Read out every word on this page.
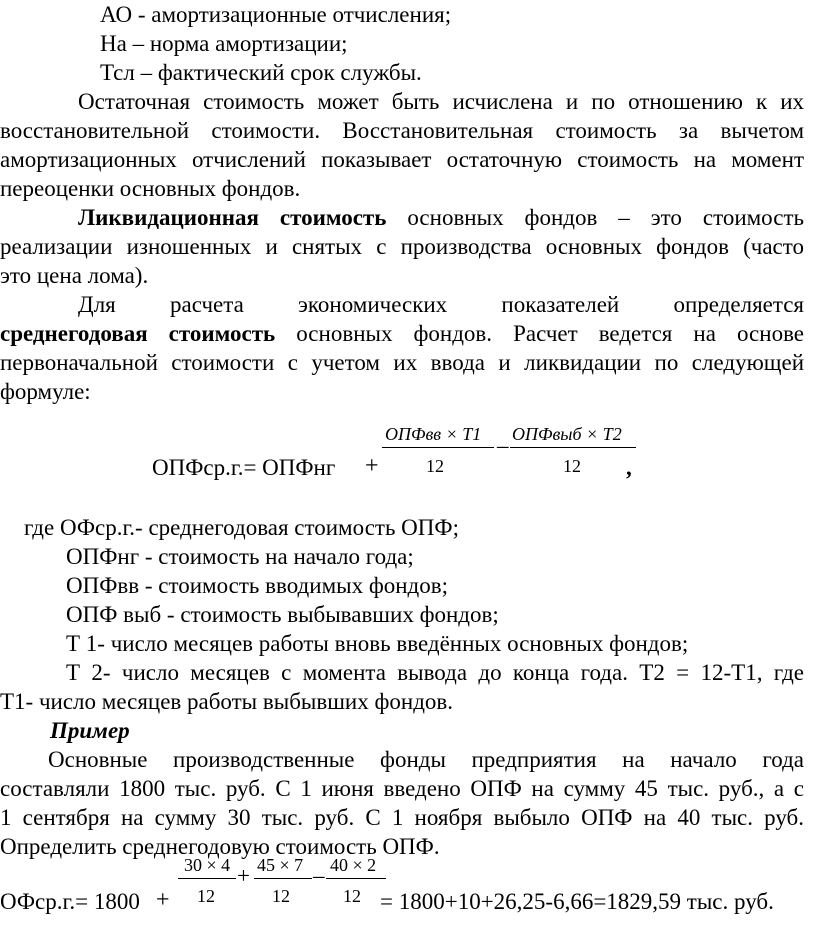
АО - амортизационные отчисления;
На – норма амортизации;
Тсл – фактический срок службы.
Остаточная стоимость может быть исчислена и по отношению к их
восстановительной стоимости. Восстановительная стоимость за вычетом
амортизационных отчислений показывает остаточную стоимость на момент
переоценки основных фондов.
Ликвидационная стоимость основных фондов – это стоимость
реализации изношенных и снятых с производства основных фондов (часто
это цена лома).
Для расчета экономических показателей определяется
среднегодовая стоимость основных фондов. Расчет ведется на основе
первоначальной стоимости с учетом их ввода и ликвидации по следующей
формуле:
ОПФср.г.= ОПФнг +
ОПФвв × Т1
12
– ОПФвыб × Т2
12 ,
где ОФср.г.- среднегодовая стоимость ОПФ;
ОПФнг - стоимость на начало года;
ОПФвв - стоимость вводимых фондов;
ОПФ выб - стоимость выбывавших фондов;
Т 1- число месяцев работы вновь введённых основных фондов;
Т 2- число месяцев с момента вывода до конца года. Т2 = 12-Т1, где
Т1- число месяцев работы выбывших фондов.
Пример
Основные производственные фонды предприятия на начало года
составляли 1800 тыс. руб. С 1 июня введено ОПФ на сумму 45 тыс. руб., а с
1 сентября на сумму 30 тыс. руб. С 1 ноября выбыло ОПФ на 40 тыс. руб.
Определить среднегодовую стоимость ОПФ.
ОФср.г.= 1800 +
30 × 4
12
+ 45 × 7
12
– 40 × 2
12 = 1800+10+26,25-6,66=1829,59 тыс. руб.
